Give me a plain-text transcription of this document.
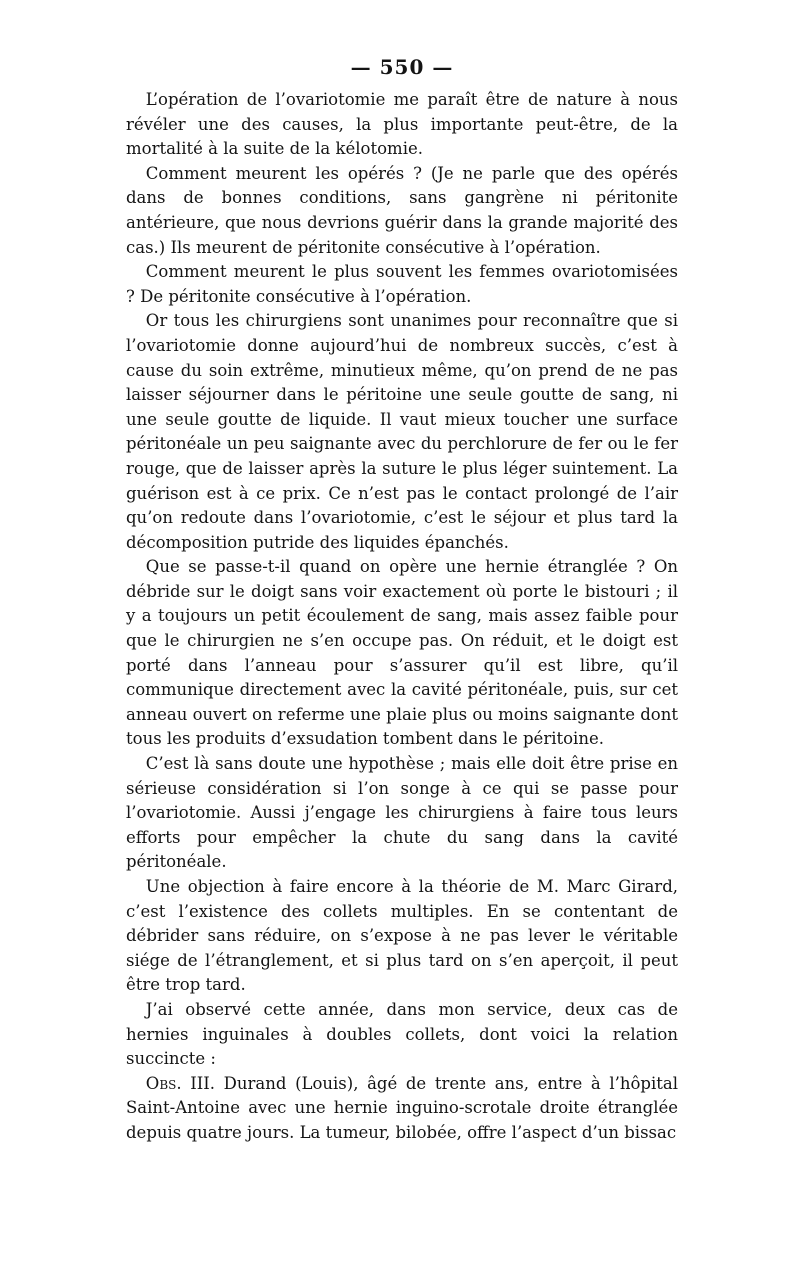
— 550 —

L’opération de l’ovariotomie me paraît être de nature à nous révéler une des causes, la plus importante peut-être, de la mortalité à la suite de la kélotomie.

Comment meurent les opérés ? (Je ne parle que des opérés dans de bonnes conditions, sans gangrène ni péritonite antérieure, que nous devrions guérir dans la grande majorité des cas.) Ils meurent de péritonite consécutive à l’opération.

Comment meurent le plus souvent les femmes ovariotomisées ? De péritonite consécutive à l’opération.

Or tous les chirurgiens sont unanimes pour reconnaître que si l’ovariotomie donne aujourd’hui de nombreux succès, c’est à cause du soin extrême, minutieux même, qu’on prend de ne pas laisser séjourner dans le péritoine une seule goutte de sang, ni une seule goutte de liquide. Il vaut mieux toucher une surface péritonéale un peu saignante avec du perchlorure de fer ou le fer rouge, que de laisser après la suture le plus léger suintement. La guérison est à ce prix. Ce n’est pas le contact prolongé de l’air qu’on redoute dans l’ovariotomie, c’est le séjour et plus tard la décomposition putride des liquides épanchés.

Que se passe-t-il quand on opère une hernie étranglée ? On débride sur le doigt sans voir exactement où porte le bistouri ; il y a toujours un petit écoulement de sang, mais assez faible pour que le chirurgien ne s’en occupe pas. On réduit, et le doigt est porté dans l’anneau pour s’assurer qu’il est libre, qu’il communique directement avec la cavité péritonéale, puis, sur cet anneau ouvert on referme une plaie plus ou moins saignante dont tous les produits d’exsudation tombent dans le péritoine.

C’est là sans doute une hypothèse ; mais elle doit être prise en sérieuse considération si l’on songe à ce qui se passe pour l’ovariotomie. Aussi j’engage les chirurgiens à faire tous leurs efforts pour empêcher la chute du sang dans la cavité péritonéale.

Une objection à faire encore à la théorie de M. Marc Girard, c’est l’existence des collets multiples. En se contentant de débrider sans réduire, on s’expose à ne pas lever le véritable siége de l’étranglement, et si plus tard on s’en aperçoit, il peut être trop tard.

J’ai observé cette année, dans mon service, deux cas de hernies inguinales à doubles collets, dont voici la relation succincte :

Obs. III. Durand (Louis), âgé de trente ans, entre à l’hôpital Saint-Antoine avec une hernie inguino-scrotale droite étranglée depuis quatre jours. La tumeur, bilobée, offre l’aspect d’un bissac
